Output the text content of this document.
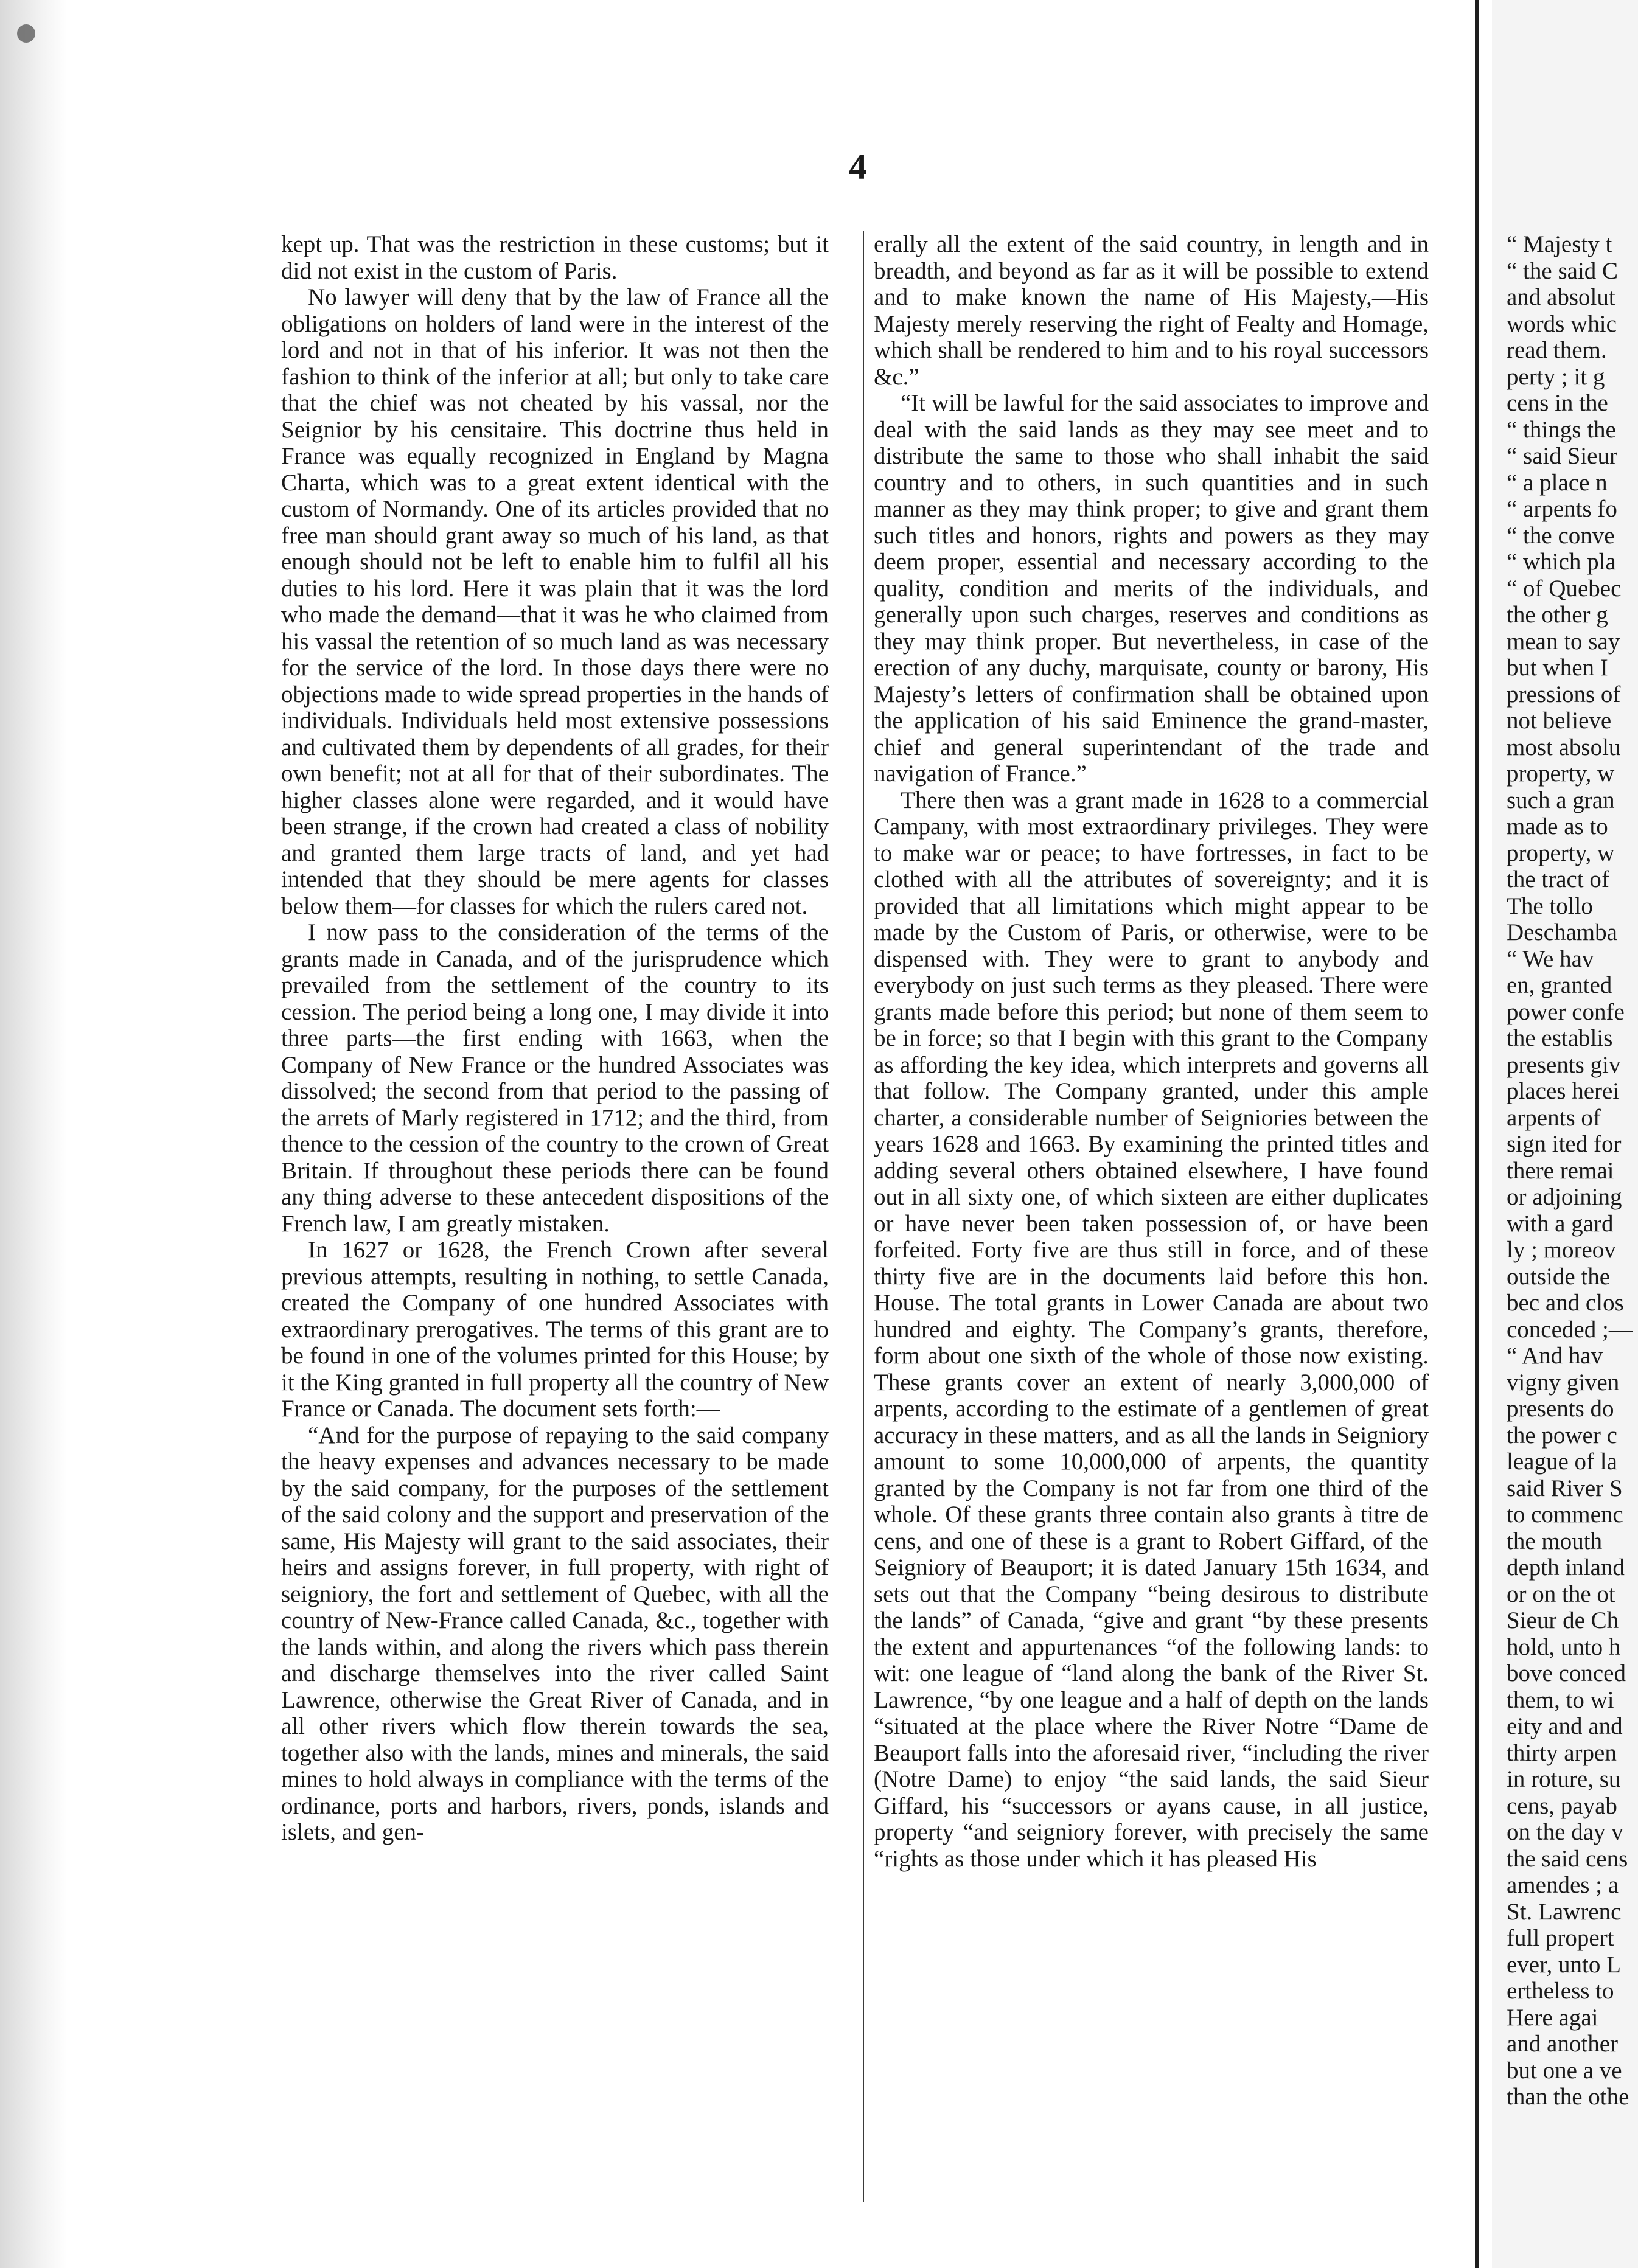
4

kept up. That was the restriction in these customs; but it did not exist in the custom of Paris.

No lawyer will deny that by the law of France all the obligations on holders of land were in the interest of the lord and not in that of his inferior. It was not then the fashion to think of the inferior at all; but only to take care that the chief was not cheated by his vassal, nor the Seignior by his censitaire. This doctrine thus held in France was equally recognized in England by Magna Charta, which was to a great extent identical with the custom of Normandy. One of its articles provided that no free man should grant away so much of his land, as that enough should not be left to enable him to fulfil all his duties to his lord. Here it was plain that it was the lord who made the demand—that it was he who claimed from his vassal the retention of so much land as was necessary for the service of the lord. In those days there were no objections made to wide spread properties in the hands of individuals. Individuals held most extensive possessions and cultivated them by dependents of all grades, for their own benefit; not at all for that of their subordinates. The higher classes alone were regarded, and it would have been strange, if the crown had created a class of nobility and granted them large tracts of land, and yet had intended that they should be mere agents for classes below them—for classes for which the rulers cared not.

I now pass to the consideration of the terms of the grants made in Canada, and of the jurisprudence which prevailed from the settlement of the country to its cession. The period being a long one, I may divide it into three parts—the first ending with 1663, when the Company of New France or the hundred Associates was dissolved; the second from that period to the passing of the arrets of Marly registered in 1712; and the third, from thence to the cession of the country to the crown of Great Britain. If throughout these periods there can be found any thing adverse to these antecedent dispositions of the French law, I am greatly mistaken.

In 1627 or 1628, the French Crown after several previous attempts, resulting in nothing, to settle Canada, created the Company of one hundred Associates with extraordinary prerogatives. The terms of this grant are to be found in one of the volumes printed for this House; by it the King granted in full property all the country of New France or Canada. The document sets forth:—

“And for the purpose of repaying to the said company the heavy expenses and advances necessary to be made by the said company, for the purposes of the settlement of the said colony and the support and preservation of the same, His Majesty will grant to the said associates, their heirs and assigns forever, in full property, with right of seigniory, the fort and settlement of Quebec, with all the country of New-France called Canada, &c., together with the lands within, and along the rivers which pass therein and discharge themselves into the river called Saint Lawrence, otherwise the Great River of Canada, and in all other rivers which flow therein towards the sea, together also with the lands, mines and minerals, the said mines to hold always in compliance with the terms of the ordinance, ports and harbors, rivers, ponds, islands and islets, and gen-

erally all the extent of the said country, in length and in breadth, and beyond as far as it will be possible to extend and to make known the name of His Majesty,—His Majesty merely reserving the right of Fealty and Homage, which shall be rendered to him and to his royal successors &c.”

“It will be lawful for the said associates to improve and deal with the said lands as they may see meet and to distribute the same to those who shall inhabit the said country and to others, in such quantities and in such manner as they may think proper; to give and grant them such titles and honors, rights and powers as they may deem proper, essential and necessary according to the quality, condition and merits of the individuals, and generally upon such charges, reserves and conditions as they may think proper. But nevertheless, in case of the erection of any duchy, marquisate, county or barony, His Majesty’s letters of confirmation shall be obtained upon the application of his said Eminence the grand-master, chief and general superintendant of the trade and navigation of France.”

There then was a grant made in 1628 to a commercial Campany, with most extraordinary privileges. They were to make war or peace; to have fortresses, in fact to be clothed with all the attributes of sovereignty; and it is provided that all limitations which might appear to be made by the Custom of Paris, or otherwise, were to be dispensed with. They were to grant to anybody and everybody on just such terms as they pleased. There were grants made before this period; but none of them seem to be in force; so that I begin with this grant to the Company as affording the key idea, which interprets and governs all that follow. The Company granted, under this ample charter, a considerable number of Seigniories between the years 1628 and 1663. By examining the printed titles and adding several others obtained elsewhere, I have found out in all sixty one, of which sixteen are either duplicates or have never been taken possession of, or have been forfeited. Forty five are thus still in force, and of these thirty five are in the documents laid before this hon. House. The total grants in Lower Canada are about two hundred and eighty. The Company’s grants, therefore, form about one sixth of the whole of those now existing. These grants cover an extent of nearly 3,000,000 of arpents, according to the estimate of a gentlemen of great accuracy in these matters, and as all the lands in Seigniory amount to some 10,000,000 of arpents, the quantity granted by the Company is not far from one third of the whole. Of these grants three contain also grants à titre de cens, and one of these is a grant to Robert Giffard, of the Seigniory of Beauport; it is dated January 15th 1634, and sets out that the Company “being desirous to distribute the lands” of Canada, “give and grant “by these presents the extent and appurtenances “of the following lands: to wit: one league of “land along the bank of the River St. Lawrence, “by one league and a half of depth on the lands “situated at the place where the River Notre “Dame de Beauport falls into the aforesaid river, “including the river (Notre Dame) to enjoy “the said lands, the said Sieur Giffard, his “successors or ayans cause, in all justice, property “and seigniory forever, with precisely the same “rights as those under which it has pleased His

“ Majesty t
“ the said C
and absolut
words whic
read them.
perty ; it g
cens in the
“ things the
“ said Sieur
“ a place n
“ arpents fo
“ the conve
“ which pla
“ of Quebec
the other g
mean to say
but when I
pressions of
not believe
most absolu
property, w
such a gran
made as to
property, w
the tract of
The tollo
Deschamba
“ We hav
en, granted
power confe
the establis
presents giv
places herei
arpents of
sign ited for
there remai
or adjoining
with a gard
ly ; moreov
outside the
bec and clos
conceded ;—
“ And hav
vigny given
presents do
the power c
league of la
said River S
to commenc
the mouth
depth inland
or on the ot
Sieur de Ch
hold, unto h
bove conced
them, to wi
eity and and
thirty arpen
in roture, su
cens, payab
on the day v
the said cens
amendes ; a
St. Lawrenc
full propert
ever, unto L
ertheless to
Here agai
and another
but one a ve
than the othe
